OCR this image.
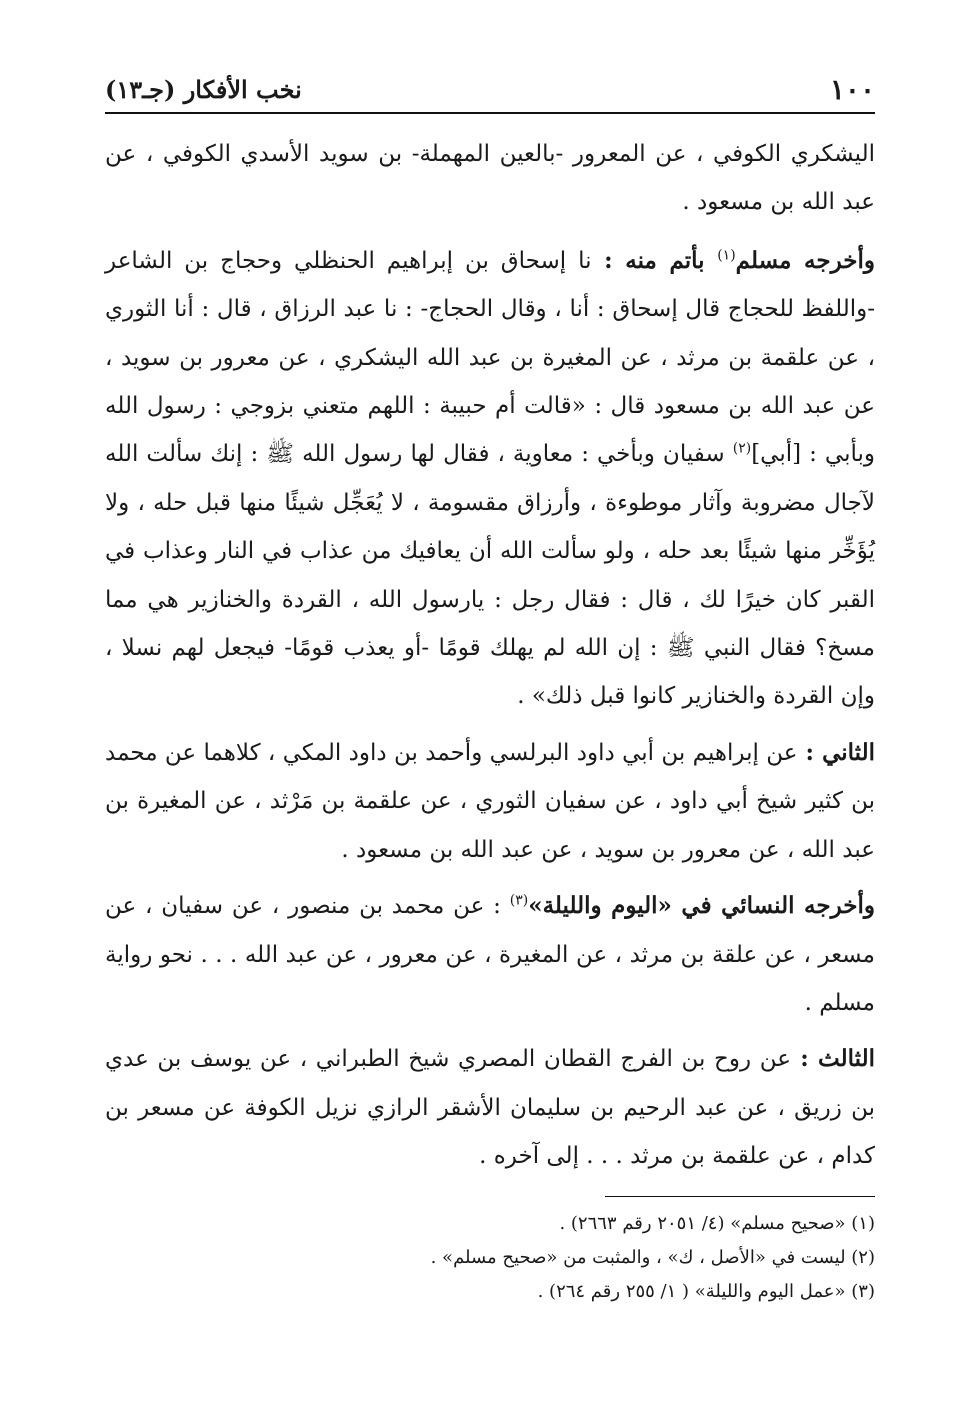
١٠٠
نخب الأفكار (جـ١٣)

اليشكري الكوفي ، عن المعرور -بالعين المهملة- بن سويد الأسدي الكوفي ، عن عبد الله بن مسعود .

وأخرجه مسلم$^{(١)}$ بأتم منه : نا إسحاق بن إبراهيم الحنظلي وحجاج بن الشاعر -واللفظ للحجاج قال إسحاق : أنا ، وقال الحجاج- : نا عبد الرزاق ، قال : أنا الثوري ، عن علقمة بن مرثد ، عن المغيرة بن عبد الله اليشكري ، عن معرور بن سويد ، عن عبد الله بن مسعود قال : «قالت أم حبيبة : اللهم متعني بزوجي : رسول الله وبأبي : [أبي]$^{(٢)}$ سفيان وبأخي : معاوية ، فقال لها رسول الله ﷺ : إنك سألت الله لآجال مضروبة وآثار موطوءة ، وأرزاق مقسومة ، لا يُعَجِّل شيئًا منها قبل حله ، ولا يُؤَخِّر منها شيئًا بعد حله ، ولو سألت الله أن يعافيك من عذاب في النار وعذاب في القبر كان خيرًا لك ، قال : فقال رجل : يارسول الله ، القردة والخنازير هي مما مسخ؟ فقال النبي ﷺ : إن الله لم يهلك قومًا -أو يعذب قومًا- فيجعل لهم نسلا ، وإن القردة والخنازير كانوا قبل ذلك» .

الثاني : عن إبراهيم بن أبي داود البرلسي وأحمد بن داود المكي ، كلاهما عن محمد بن كثير شيخ أبي داود ، عن سفيان الثوري ، عن علقمة بن مَرْثد ، عن المغيرة بن عبد الله ، عن معرور بن سويد ، عن عبد الله بن مسعود .

وأخرجه النسائي في «اليوم والليلة»$^{(٣)}$ : عن محمد بن منصور ، عن سفيان ، عن مسعر ، عن علقة بن مرثد ، عن المغيرة ، عن معرور ، عن عبد الله . . . نحو رواية مسلم .

الثالث : عن روح بن الفرج القطان المصري شيخ الطبراني ، عن يوسف بن عدي بن زريق ، عن عبد الرحيم بن سليمان الأشقر الرازي نزيل الكوفة عن مسعر بن كدام ، عن علقمة بن مرثد . . . إلى آخره .

(١) «صحيح مسلم» (٤/ ٢٠٥١ رقم ٢٦٦٣) .

(٢) ليست في «الأصل ، ك» ، والمثبت من «صحيح مسلم» .

(٣) «عمل اليوم والليلة» ( ١/ ٢٥٥ رقم ٢٦٤) .
